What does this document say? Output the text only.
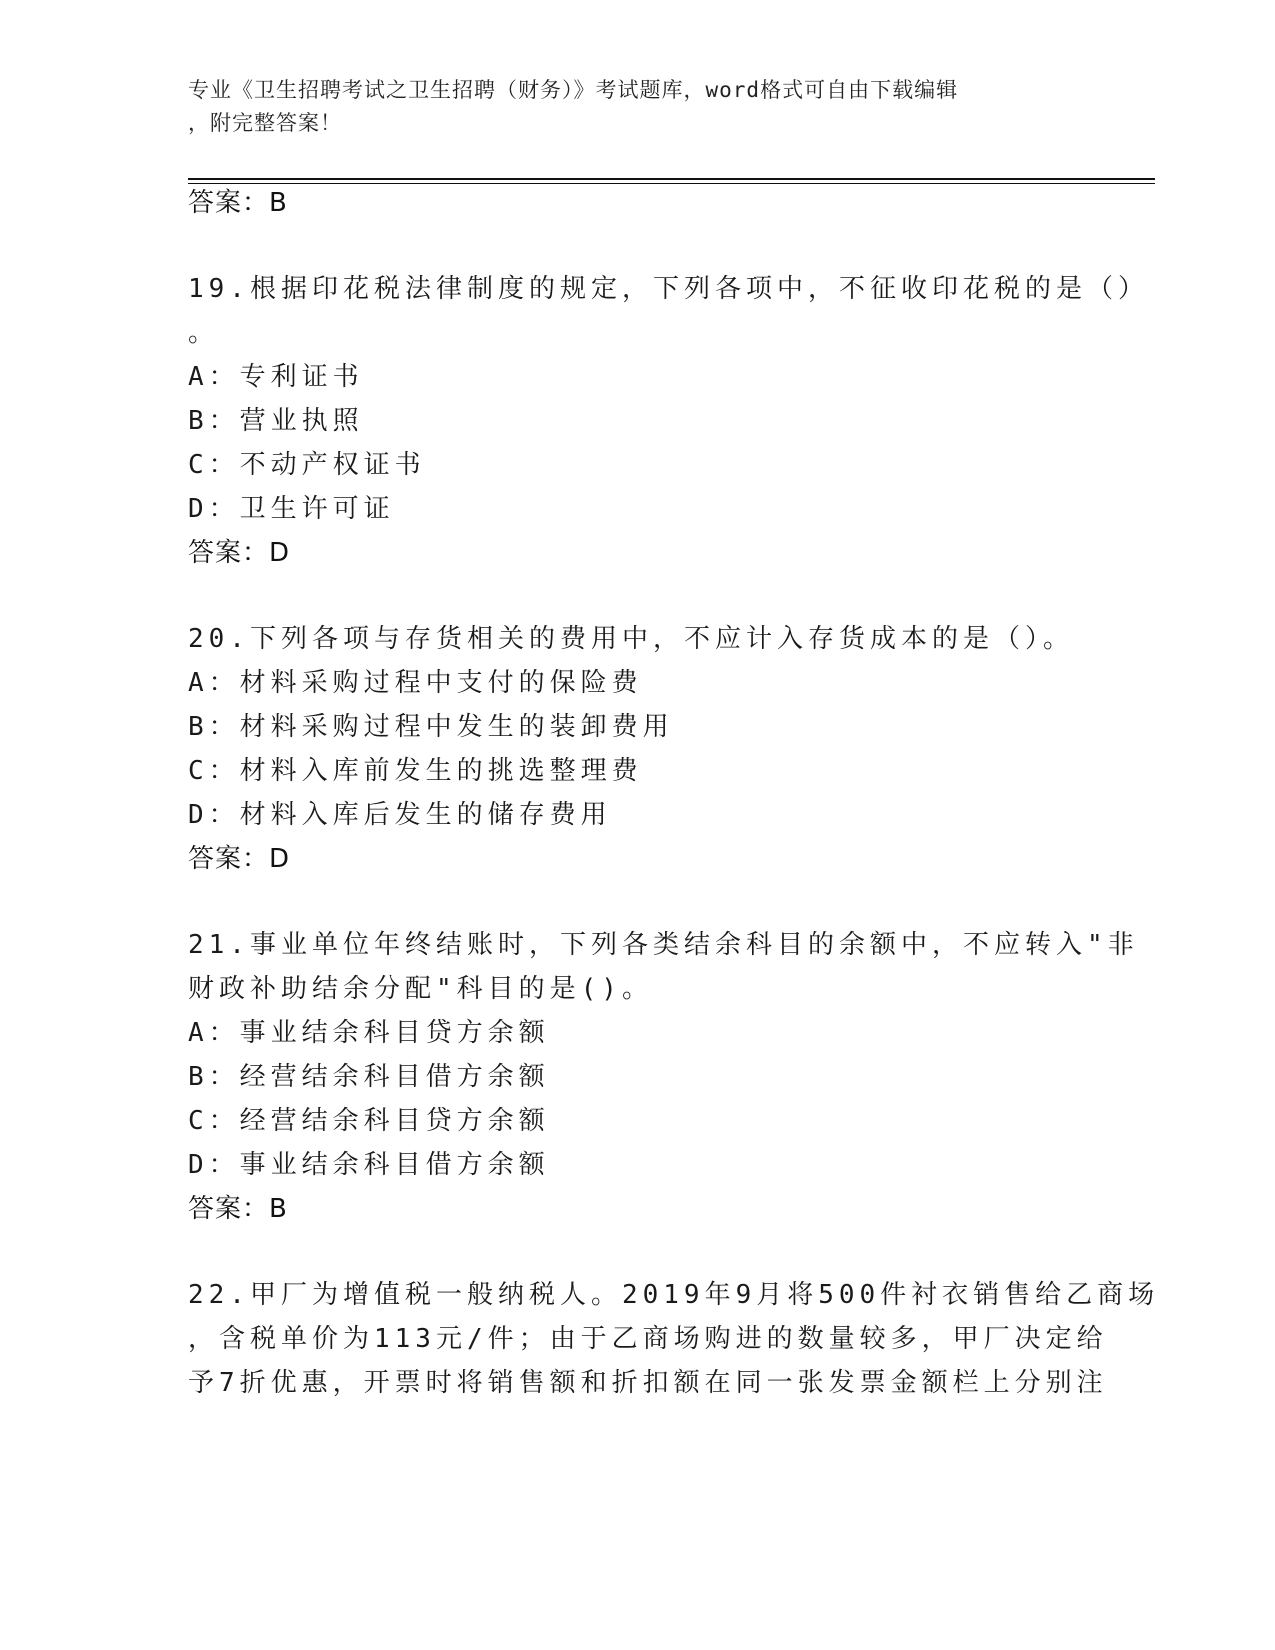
专业《卫生招聘考试之卫生招聘（财务）》考试题库，word格式可自由下载编辑
，附完整答案！
答案：B
19.根据印花税法律制度的规定，下列各项中，不征收印花税的是（）
。
A：专利证书
B：营业执照
C：不动产权证书
D：卫生许可证
答案：D
20.下列各项与存货相关的费用中，不应计入存货成本的是（）。
A：材料采购过程中支付的保险费
B：材料采购过程中发生的装卸费用
C：材料入库前发生的挑选整理费
D：材料入库后发生的储存费用
答案：D
21.事业单位年终结账时，下列各类结余科目的余额中，不应转入"非
财政补助结余分配"科目的是()。
A：事业结余科目贷方余额
B：经营结余科目借方余额
C：经营结余科目贷方余额
D：事业结余科目借方余额
答案：B
22.甲厂为增值税一般纳税人。2019年9月将500件衬衣销售给乙商场
，含税单价为113元/件；由于乙商场购进的数量较多，甲厂决定给
予7折优惠，开票时将销售额和折扣额在同一张发票金额栏上分别注
